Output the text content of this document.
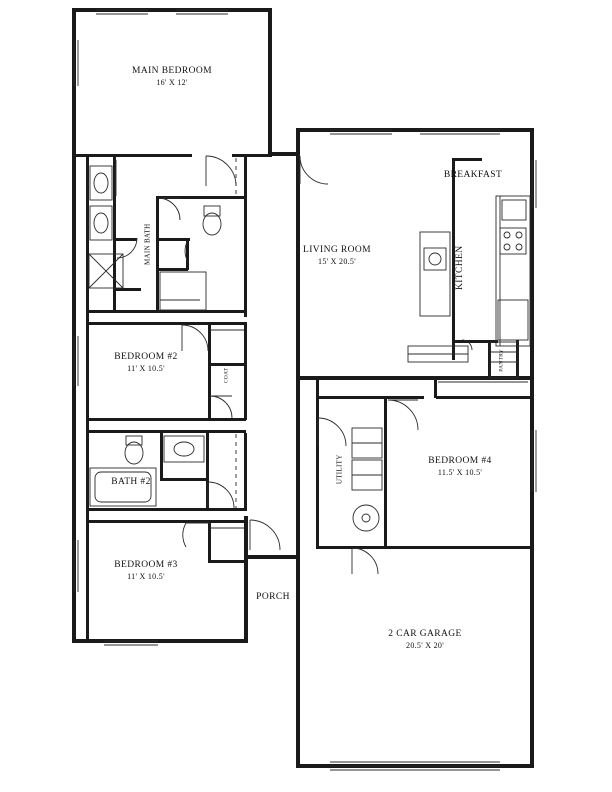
MAIN BEDROOM
16' X 12'
LIVING ROOM
15' X 20.5'
BREAKFAST
KITCHEN
PANTRY
MAIN BATH
BEDROOM #2
11' X 10.5'
BEDROOM #3
11' X 10.5'
BEDROOM #4
11.5' X 10.5'
BATH #2
COAT
UTILITY
PORCH
2 CAR GARAGE
20.5' X 20'
